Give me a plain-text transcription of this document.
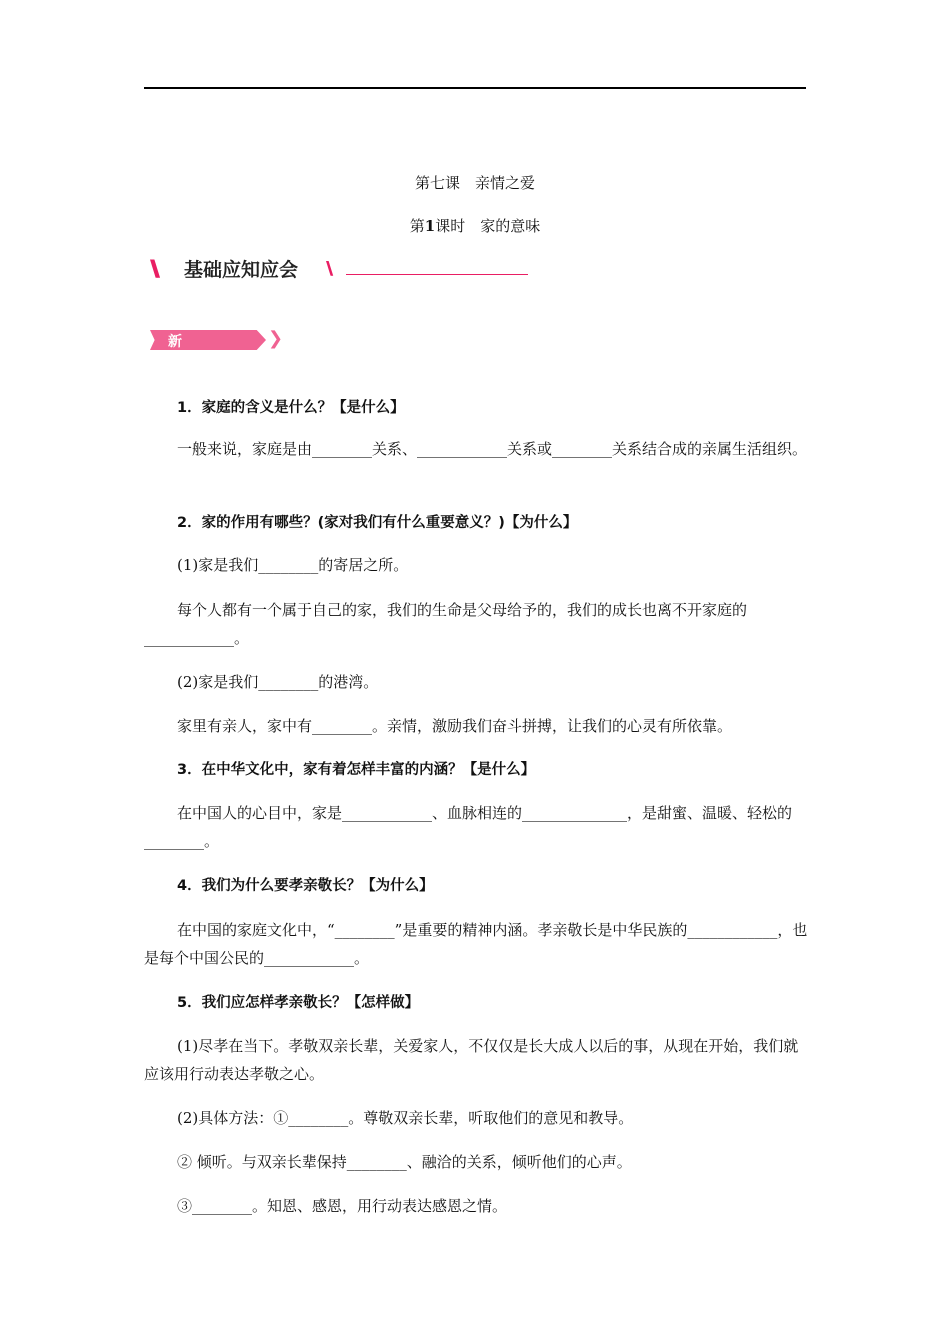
第七课　亲情之爱
第1课时　家的意味
\\ 基础应知应会 \\
新知梳理
❯
1．家庭的含义是什么？【是什么】
一般来说，家庭是由________关系、____________关系或________关系结合成的亲属生活组织。
2．家的作用有哪些？(家对我们有什么重要意义？)【为什么】
(1)家是我们________的寄居之所。
每个人都有一个属于自己的家，我们的生命是父母给予的，我们的成长也离不开家庭的____________。
(2)家是我们________的港湾。
家里有亲人，家中有________。亲情，激励我们奋斗拼搏，让我们的心灵有所依靠。
3．在中华文化中，家有着怎样丰富的内涵？【是什么】
在中国人的心目中，家是____________、血脉相连的______________，是甜蜜、温暖、轻松的________。
4．我们为什么要孝亲敬长？【为什么】
在中国的家庭文化中，“________”是重要的精神内涵。孝亲敬长是中华民族的____________，也是每个中国公民的____________。
5．我们应怎样孝亲敬长？【怎样做】
(1)尽孝在当下。孝敬双亲长辈，关爱家人，不仅仅是长大成人以后的事，从现在开始，我们就应该用行动表达孝敬之心。
(2)具体方法：①________。尊敬双亲长辈，听取他们的意见和教导。
② 倾听。与双亲长辈保持________、融洽的关系，倾听他们的心声。
③________。知恩、感恩，用行动表达感恩之情。
